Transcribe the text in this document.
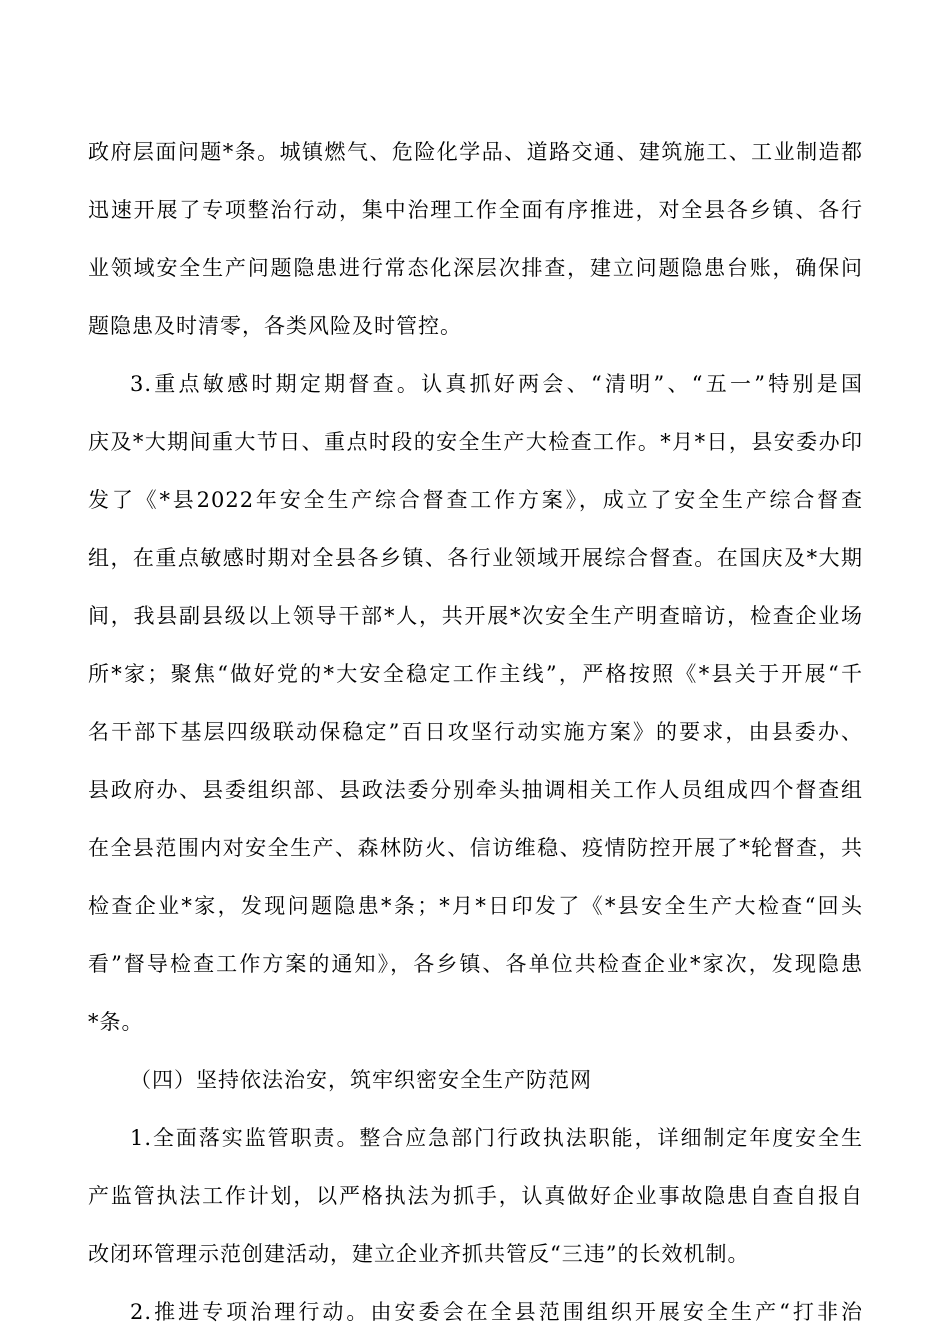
政府层面问题*条。城镇燃气、危险化学品、道路交通、建筑施工、工业制造都
迅速开展了专项整治行动，集中治理工作全面有序推进，对全县各乡镇、各行
业领域安全生产问题隐患进行常态化深层次排查，建立问题隐患台账，确保问
题隐患及时清零，各类风险及时管控。
3.重点敏感时期定期督查。认真抓好两会、“清明”、“五一”特别是国
庆及*大期间重大节日、重点时段的安全生产大检查工作。*月*日，县安委办印
发了《*县2022年安全生产综合督查工作方案》，成立了安全生产综合督查
组，在重点敏感时期对全县各乡镇、各行业领域开展综合督查。在国庆及*大期
间，我县副县级以上领导干部*人，共开展*次安全生产明查暗访，检查企业场
所*家；聚焦“做好党的*大安全稳定工作主线”，严格按照《*县关于开展“千
名干部下基层四级联动保稳定”百日攻坚行动实施方案》的要求，由县委办、
县政府办、县委组织部、县政法委分别牵头抽调相关工作人员组成四个督查组
在全县范围内对安全生产、森林防火、信访维稳、疫情防控开展了*轮督查，共
检查企业*家，发现问题隐患*条；*月*日印发了《*县安全生产大检查“回头
看”督导检查工作方案的通知》，各乡镇、各单位共检查企业*家次，发现隐患
*条。
（四）坚持依法治安，筑牢织密安全生产防范网
1.全面落实监管职责。整合应急部门行政执法职能，详细制定年度安全生
产监管执法工作计划，以严格执法为抓手，认真做好企业事故隐患自查自报自
改闭环管理示范创建活动，建立企业齐抓共管反“三违”的长效机制。
2.推进专项治理行动。由安委会在全县范围组织开展安全生产“打非治
